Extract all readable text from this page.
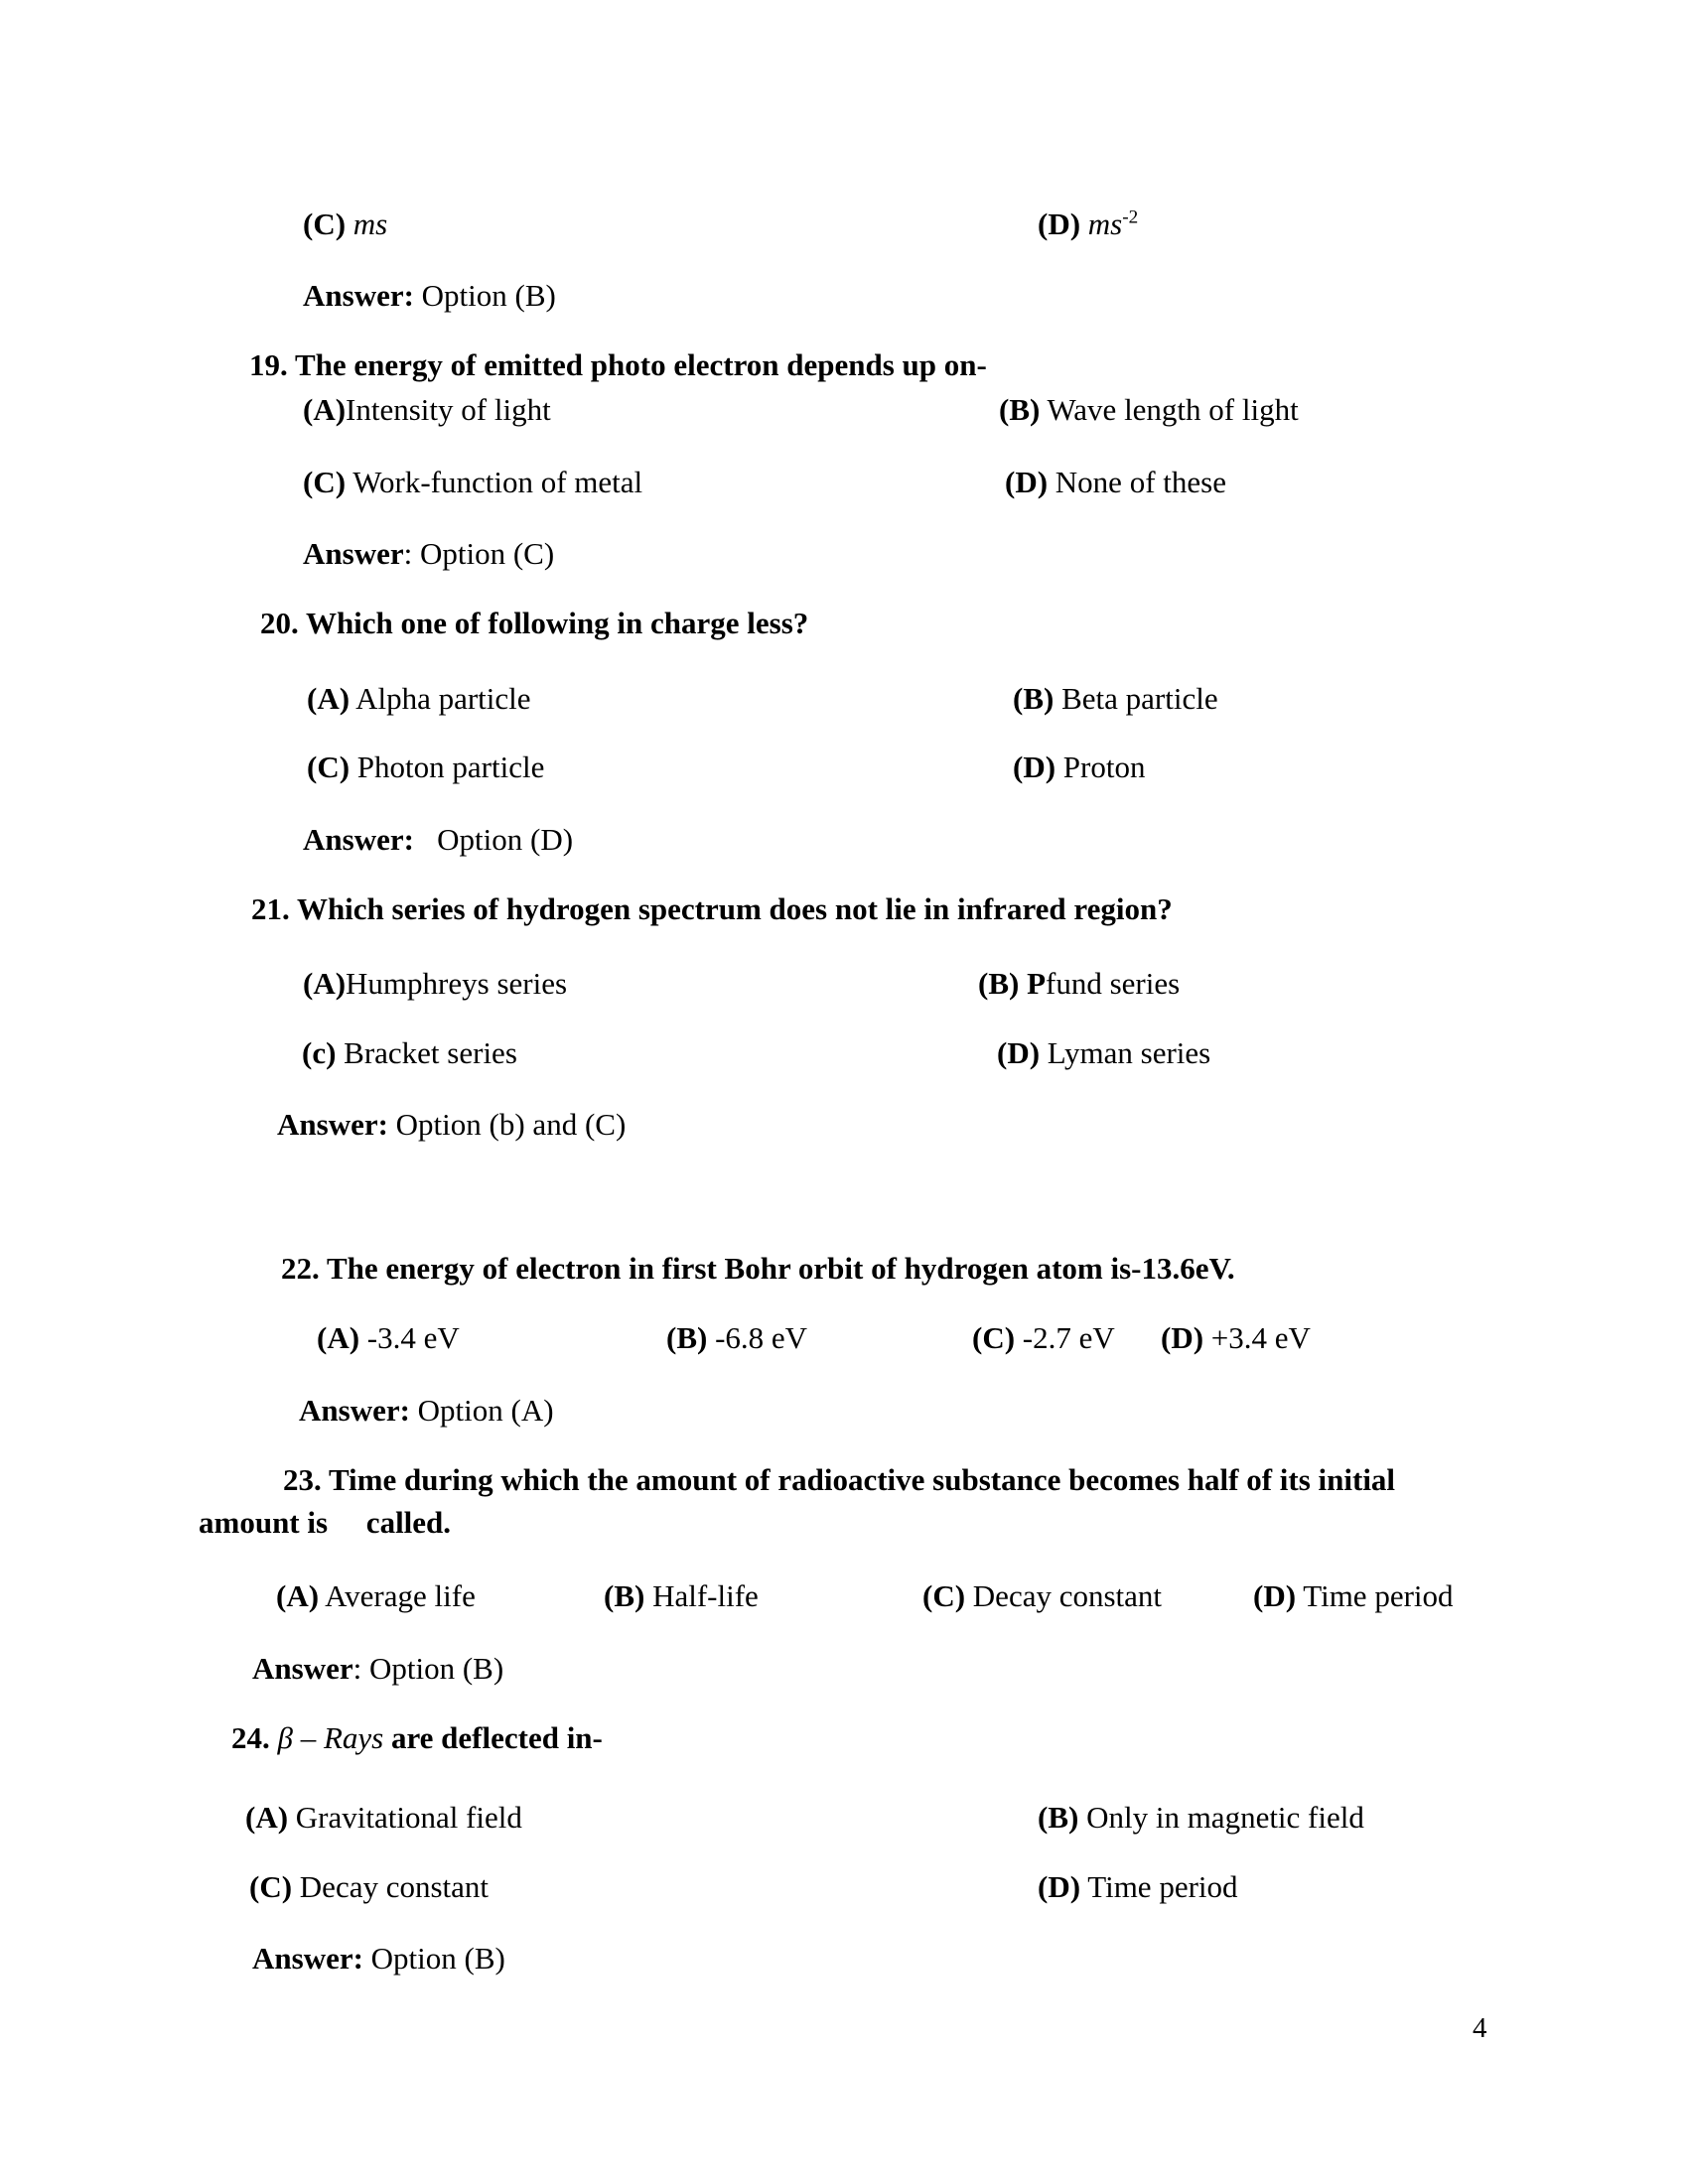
(C) ms	(D) $ms^{-2}$
Answer: Option (B)
19. The energy of emitted photo electron depends up on-
(A)Intensity of light	(B) Wave length of light
(C) Work-function of metal	(D) None of these
Answer: Option (C)
20. Which one of following in charge less?
(A) Alpha particle	(B) Beta particle
(C) Photon particle	(D) Proton
Answer:   Option (D)
21. Which series of hydrogen spectrum does not lie in infrared region?
(A)Humphreys series	(B) Pfund series
(c) Bracket series	(D) Lyman series
Answer: Option (b) and (C)
22. The energy of electron in first Bohr orbit of hydrogen atom is-13.6eV.
(A) -3.4 eV	(B) -6.8 eV	(C) -2.7 eV (D) +3.4 eV
Answer: Option (A)
23. Time during which the amount of radioactive substance becomes half of its initial
amount is     called.
(A) Average life	(B) Half-life	(C) Decay constant	(D) Time period
Answer: Option (B)
24. β – Rays are deflected in-
(A) Gravitational field	(B) Only in magnetic field
(C) Decay constant	(D) Time period
Answer: Option (B)
4
